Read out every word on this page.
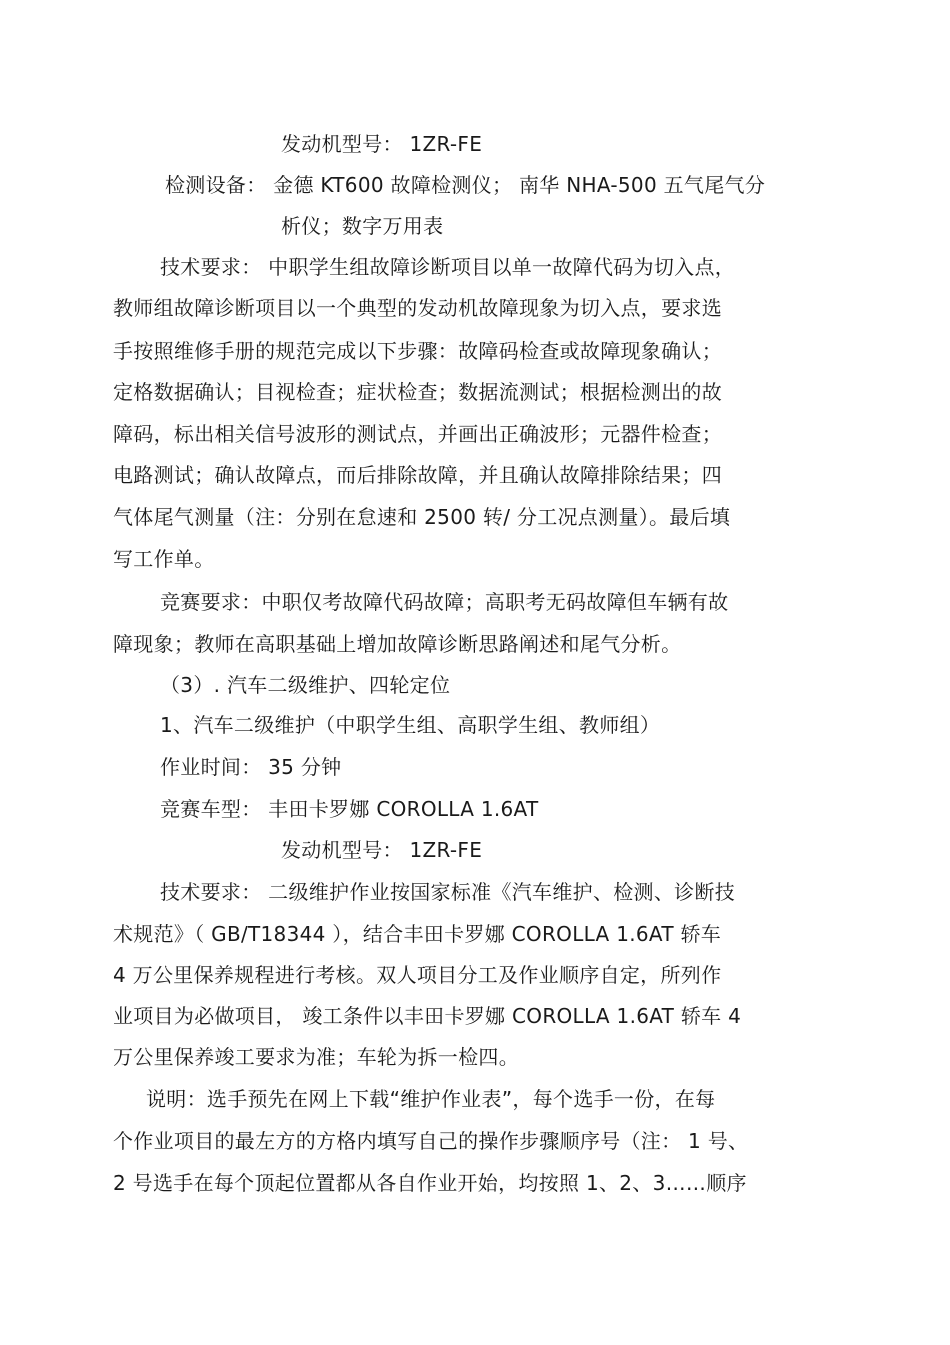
发动机型号： 1ZR-FE
检测设备： 金德 KT600 故障检测仪； 南华 NHA-500 五气尾气分
析仪；数字万用表
技术要求： 中职学生组故障诊断项目以单一故障代码为切入点，
教师组故障诊断项目以一个典型的发动机故障现象为切入点，要求选
手按照维修手册的规范完成以下步骤：故障码检查或故障现象确认；
定格数据确认；目视检查；症状检查；数据流测试；根据检测出的故
障码，标出相关信号波形的测试点，并画出正确波形；元器件检查；
电路测试；确认故障点，而后排除故障，并且确认故障排除结果；四
气体尾气测量（注：分别在怠速和 2500 转/ 分工况点测量）。最后填
写工作单。
竞赛要求：中职仅考故障代码故障；高职考无码故障但车辆有故
障现象；教师在高职基础上增加故障诊断思路阐述和尾气分析。
（3）. 汽车二级维护、四轮定位
1、汽车二级维护（中职学生组、高职学生组、教师组）
作业时间： 35 分钟
竞赛车型： 丰田卡罗娜 COROLLA 1.6AT
发动机型号： 1ZR-FE
技术要求： 二级维护作业按国家标准《汽车维护、检测、诊断技
术规范》（ GB/T18344 ），结合丰田卡罗娜 COROLLA 1.6AT 轿车
4 万公里保养规程进行考核。双人项目分工及作业顺序自定，所列作
业项目为必做项目， 竣工条件以丰田卡罗娜 COROLLA 1.6AT 轿车 4
万公里保养竣工要求为准；车轮为拆一检四。
说明：选手预先在网上下载“维护作业表”，每个选手一份，在每
个作业项目的最左方的方格内填写自己的操作步骤顺序号（注： 1 号、
2 号选手在每个顶起位置都从各自作业开始，均按照 1、2、3……顺序
